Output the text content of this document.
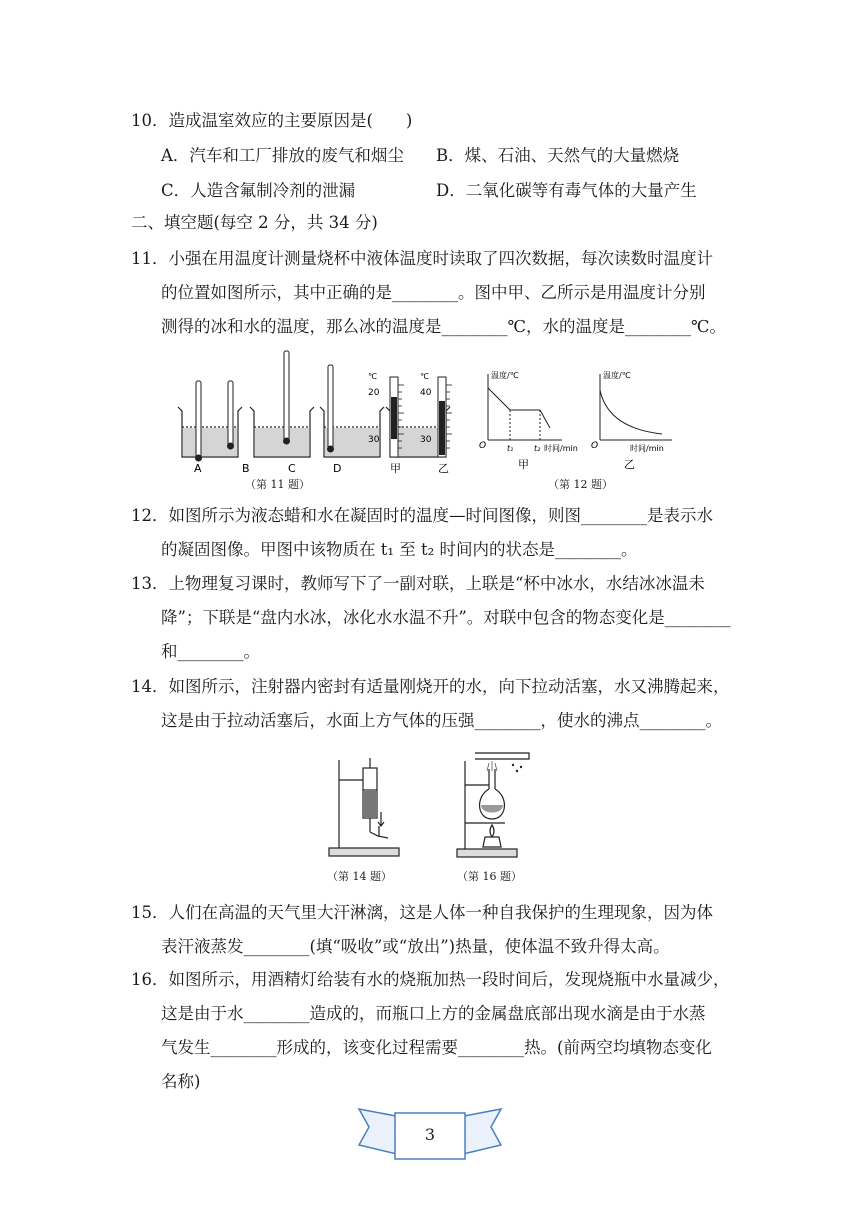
10．造成温室效应的主要原因是(　　)
A．汽车和工厂排放的废气和烟尘 B．煤、石油、天然气的大量燃烧
C．人造含氟制冷剂的泄漏	D．二氧化碳等有毒气体的大量产生
二、填空题(每空 2 分，共 34 分)
11．小强在用温度计测量烧杯中液体温度时读取了四次数据，每次读数时温度计
的位置如图所示，其中正确的是________。图中甲、乙所示是用温度计分别
测得的冰和水的温度，那么冰的温度是________℃，水的温度是________℃。
A	B	C	D
℃
20
30
甲
℃
40
30
乙
（第 11 题）
温度/℃
O	t₁	t₂ 时间/min
甲
温度/℃
O	时间/min
乙
（第 12 题）
12．如图所示为液态蜡和水在凝固时的温度—时间图像，则图________是表示水
的凝固图像。甲图中该物质在 t₁ 至 t₂ 时间内的状态是________。
13．上物理复习课时，教师写下了一副对联，上联是“杯中冰水，水结冰冰温未
降”；下联是“盘内水冰，冰化水水温不升”。对联中包含的物态变化是________
和________。
14．如图所示，注射器内密封有适量刚烧开的水，向下拉动活塞，水又沸腾起来，
这是由于拉动活塞后，水面上方气体的压强________，使水的沸点________。
（第 14 题）	（第 16 题）
15．人们在高温的天气里大汗淋漓，这是人体一种自我保护的生理现象，因为体
表汗液蒸发________(填“吸收”或“放出”)热量，使体温不致升得太高。
16．如图所示，用酒精灯给装有水的烧瓶加热一段时间后，发现烧瓶中水量减少，
这是由于水________造成的，而瓶口上方的金属盘底部出现水滴是由于水蒸
气发生________形成的，该变化过程需要________热。(前两空均填物态变化
名称)
3
